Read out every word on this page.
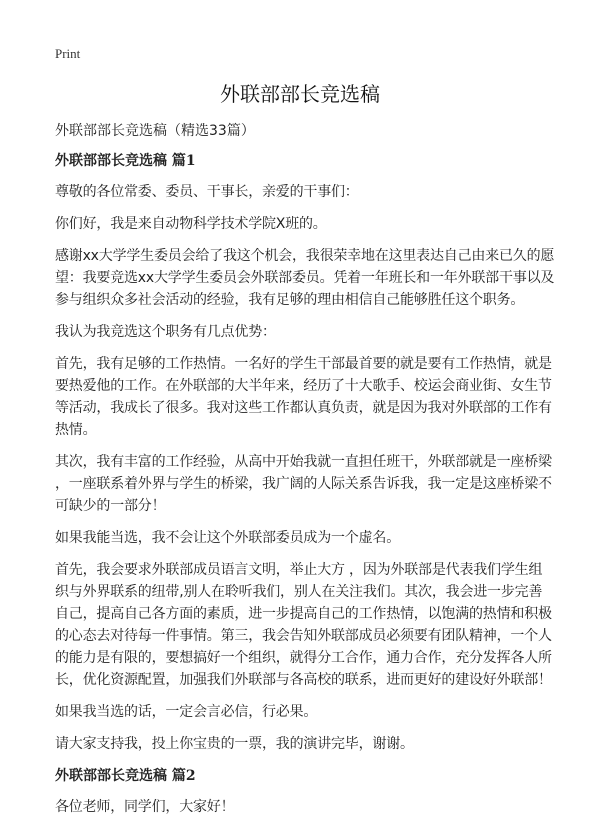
Print
外联部部长竞选稿
外联部部长竞选稿（精选33篇）
外联部部长竞选稿 篇1
尊敬的各位常委、委员、干事长，亲爱的干事们：
你们好，我是来自动物科学技术学院X班的。
感谢xx大学学生委员会给了我这个机会，我很荣幸地在这里表达自己由来已久的愿
望：我要竞选xx大学学生委员会外联部委员。凭着一年班长和一年外联部干事以及
参与组织众多社会活动的经验，我有足够的理由相信自己能够胜任这个职务。
我认为我竞选这个职务有几点优势：
首先，我有足够的工作热情。一名好的学生干部最首要的就是要有工作热情，就是
要热爱他的工作。在外联部的大半年来，经历了十大歌手、校运会商业街、女生节
等活动，我成长了很多。我对这些工作都认真负责，就是因为我对外联部的工作有
热情。
其次，我有丰富的工作经验，从高中开始我就一直担任班干，外联部就是一座桥梁
，一座联系着外界与学生的桥梁，我广阔的人际关系告诉我，我一定是这座桥梁不
可缺少的一部分！
如果我能当选，我不会让这个外联部委员成为一个虚名。
首先，我会要求外联部成员语言文明，举止大方 ，因为外联部是代表我们学生组
织与外界联系的纽带,别人在聆听我们，别人在关注我们。其次，我会进一步完善
自己，提高自己各方面的素质，进一步提高自己的工作热情，以饱满的热情和积极
的心态去对待每一件事情。第三，我会告知外联部成员必须要有团队精神，一个人
的能力是有限的，要想搞好一个组织，就得分工合作，通力合作，充分发挥各人所
长，优化资源配置，加强我们外联部与各高校的联系，进而更好的建设好外联部！
如果我当选的话，一定会言必信，行必果。
请大家支持我，投上你宝贵的一票，我的演讲完毕，谢谢。
外联部部长竞选稿 篇2
各位老师，同学们，大家好！
